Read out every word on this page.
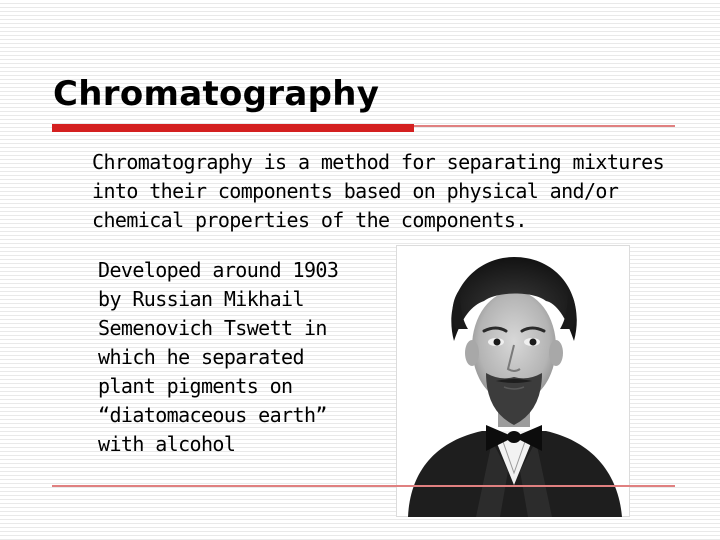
Chromatography

Chromatography is a method for separating mixtures into their components based on physical and/or chemical properties of the components.

Developed around 1903
by Russian Mikhail
Semenovich Tswett in
which he separated
plant pigments on
“diatomaceous earth”
with alcohol
